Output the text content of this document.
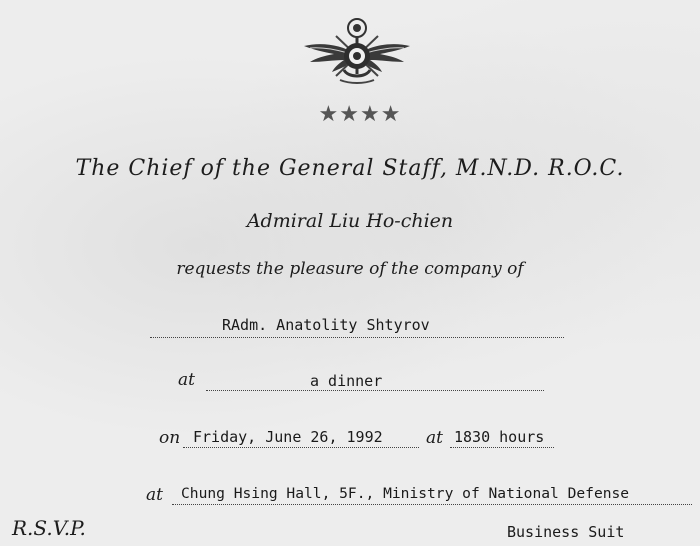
★★★★
The Chief of the General Staff, M.N.D. R.O.C.
Admiral Liu Ho-chien
requests the pleasure of the company of
RAdm. Anatolity Shtyrov
at	a dinner
on Friday, June 26, 1992	at 1830 hours
at Chung Hsing Hall, 5F., Ministry of National Defense
R.S.V.P.	Business Suit
